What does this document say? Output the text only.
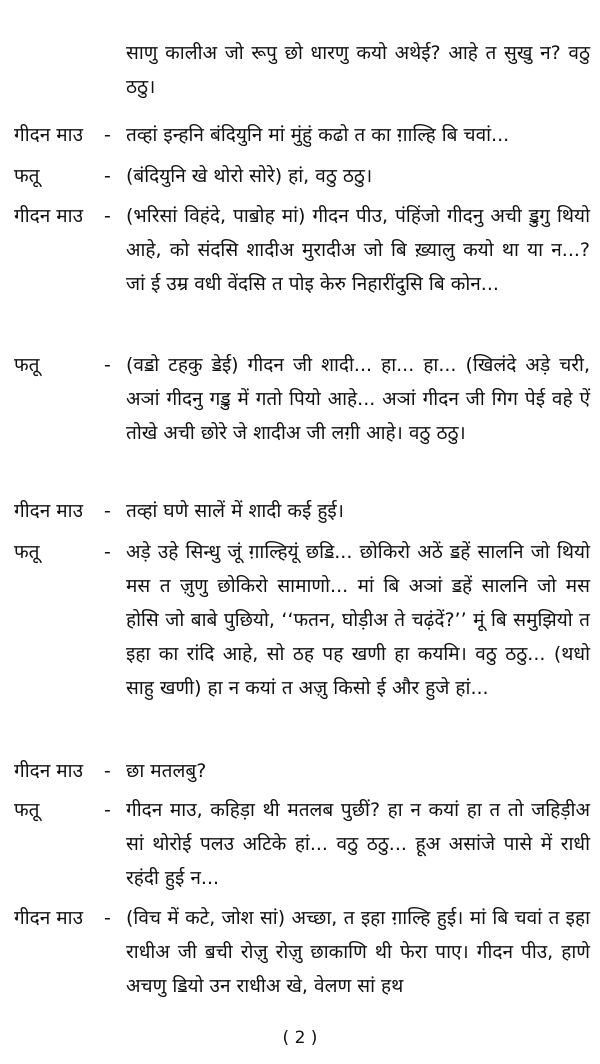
साणु कालीअ जो रूपु छो धारणु कयो अथेई? आहे त सुखु न? वठु ठठु।
गीदन माउ - तव्हां इन्हनि बंदियुनि मां मुंहुं कढो त का ग़ाल्हि बि चवां...
फतू	- (बंदियुनि खे थोरो सोरे) हां, वठु ठठु।
गीदन माउ - (भरिसां विहंदे, पाॿोह मां) गीदन पीउ, पंहिंजो गीदनु अची ॾुगु थियो आहे, को संदसि शादीअ मुरादीअ जो बि ख़्यालु कयो था या न...? जां ई उम्र वधी वेंदसि त पोइ केरु निहारींदुसि बि कोन...
फतू	- (वॾो टहकु ॾेई) गीदन जी शादी... हा... हा... (खिलंदे अड़े चरी, अञां गीदनु गॾु में गतो पियो आहे... अञां गीदन जी गिग पेई वहे ऐं तोखे अची छोरे जे शादीअ जी लग़ी आहे। वठु ठठु।
गीदन माउ - तव्हां घणे सालें में शादी कई हुई।
फतू	- अड़े उहे सिन्धु जूं ग़ाल्हियूं छॾि... छोकिरो अठें ॾहें सालनि जो थियो मस त ज़ुणु छोकिरो सामाणो... मां बि अञां ॾहें सालनि जो मस होसि जो बाबे पुछियो, ‘‘फतन, घोड़ीअ ते चढ़ंदें?’’ मूं बि समुझियो त इहा का रांदि आहे, सो ठह पह खणी हा कयमि। वठु ठठु... (थधो साहु खणी) हा न कयां त अज़ु किसो ई और हुजे हां...
गीदन माउ - छा मतलबु?
फतू	- गीदन माउ, कहिड़ा थी मतलब पुछीं? हा न कयां हा त तो जहिड़ीअ सां थोरोई पलउ अटिके हां... वठु ठठु... हूअ असांजे पासे में राधी रहंदी हुई न...
गीदन माउ - (विच में कटे, जोश सां) अच्छा, त इहा ग़ाल्हि हुई। मां बि चवां त इहा राधीअ जी ॿची रोज़ु रोज़ु छाकाणि थी फेरा पाए। गीदन पीउ, हाणे अचणु ॾियो उन राधीअ खे, वेलण सां हथ
( 2 )
